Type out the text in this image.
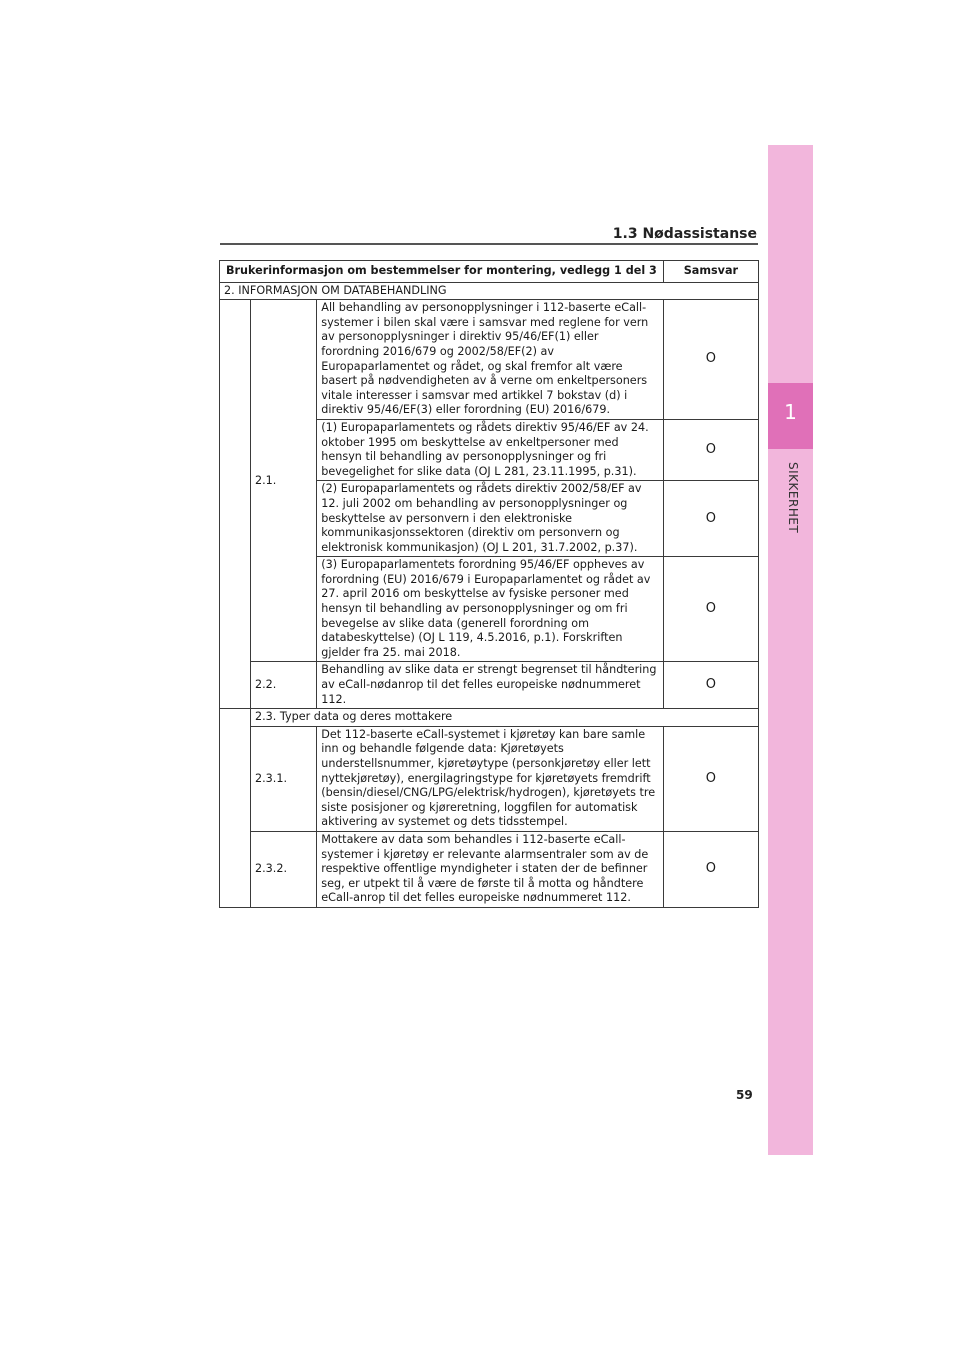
1
SIKKERHET
1.3 Nødassistanse
Brukerinformasjon om bestemmelser for montering, vedlegg 1 del 3			Samsvar
2. INFORMASJON OM DATABEHANDLING			
	2.1.	All behandling av personopplysninger i 112-baserte eCall-systemer i bilen skal være i samsvar med reglene for vern av personopplysninger i direktiv 95/46/EF(1) eller forordning 2016/679 og 2002/58/EF(2) av Europaparlamentet og rådet, og skal fremfor alt være basert på nødvendigheten av å verne om enkeltpersoners vitale interesser i samsvar med artikkel 7 bokstav (d) i direktiv 95/46/EF(3) eller forordning (EU) 2016/679.	O
		(1) Europaparlamentets og rådets direktiv 95/46/EF av 24. oktober 1995 om beskyttelse av enkeltpersoner med hensyn til behandling av personopplysninger og fri bevegelighet for slike data (OJ L 281, 23.11.1995, p.31).	O
		(2) Europaparlamentets og rådets direktiv 2002/58/EF av 12. juli 2002 om behandling av personopplysninger og beskyttelse av personvern i den elektroniske kommunikasjonssektoren (direktiv om personvern og elektronisk kommunikasjon) (OJ L 201, 31.7.2002, p.37).	O
		(3) Europaparlamentets forordning 95/46/EF oppheves av forordning (EU) 2016/679 i Europaparlamentet og rådet av 27. april 2016 om beskyttelse av fysiske personer med hensyn til behandling av personopplysninger og om fri bevegelse av slike data (generell forordning om databeskyttelse) (OJ L 119, 4.5.2016, p.1). Forskriften gjelder fra 25. mai 2018.	O
	2.2.	Behandling av slike data er strengt begrenset til håndtering av eCall-nødanrop til det felles europeiske nødnummeret 112.	O
	2.3. Typer data og deres mottakere		
	2.3.1.	Det 112-baserte eCall-systemet i kjøretøy kan bare samle inn og behandle følgende data: Kjøretøyets understellsnummer, kjøretøytype (personkjøretøy eller lett nyttekjøretøy), energilagringstype for kjøretøyets fremdrift (bensin/diesel/CNG/LPG/elektrisk/hydrogen), kjøretøyets tre siste posisjoner og kjøreretning, loggfilen for automatisk aktivering av systemet og dets tidsstempel.	O
	2.3.2.	Mottakere av data som behandles i 112-baserte eCall-systemer i kjøretøy er relevante alarmsentraler som av de respektive offentlige myndigheter i staten der de befinner seg, er utpekt til å være de første til å motta og håndtere eCall-anrop til det felles europeiske nødnummeret 112.	O
59
